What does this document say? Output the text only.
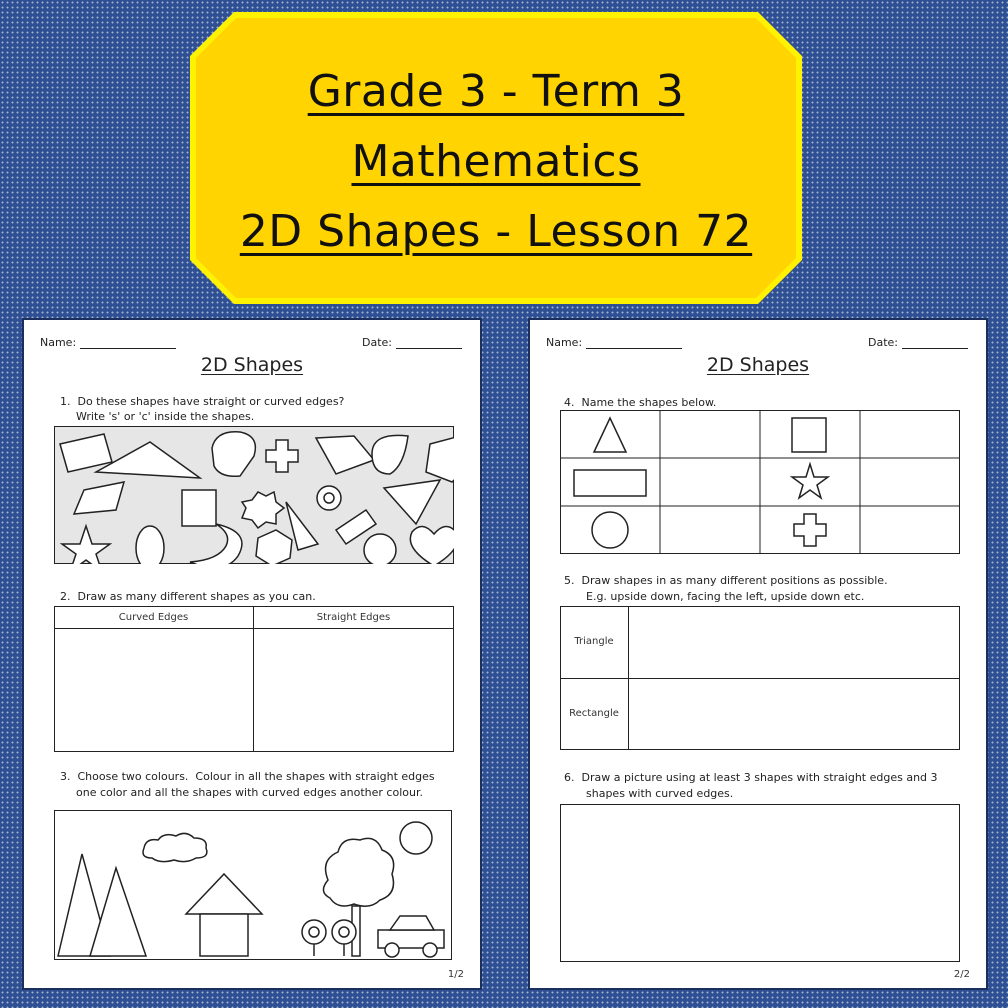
Grade 3 - Term 3
Mathematics
2D Shapes - Lesson 72
Name:	Date:
2D Shapes
1.  Do these shapes have straight or curved edges?
Write 's' or 'c' inside the shapes.
2.  Draw as many different shapes as you can.
Curved Edges	Straight Edges
3.  Choose two colours.  Colour in all the shapes with straight edges
one color and all the shapes with curved edges another colour.
1/2
Name:	Date:
2D Shapes
4.  Name the shapes below.
5.  Draw shapes in as many different positions as possible.
E.g. upside down, facing the left, upside down etc.
Triangle
Rectangle
6.  Draw a picture using at least 3 shapes with straight edges and 3
shapes with curved edges.
2/2
